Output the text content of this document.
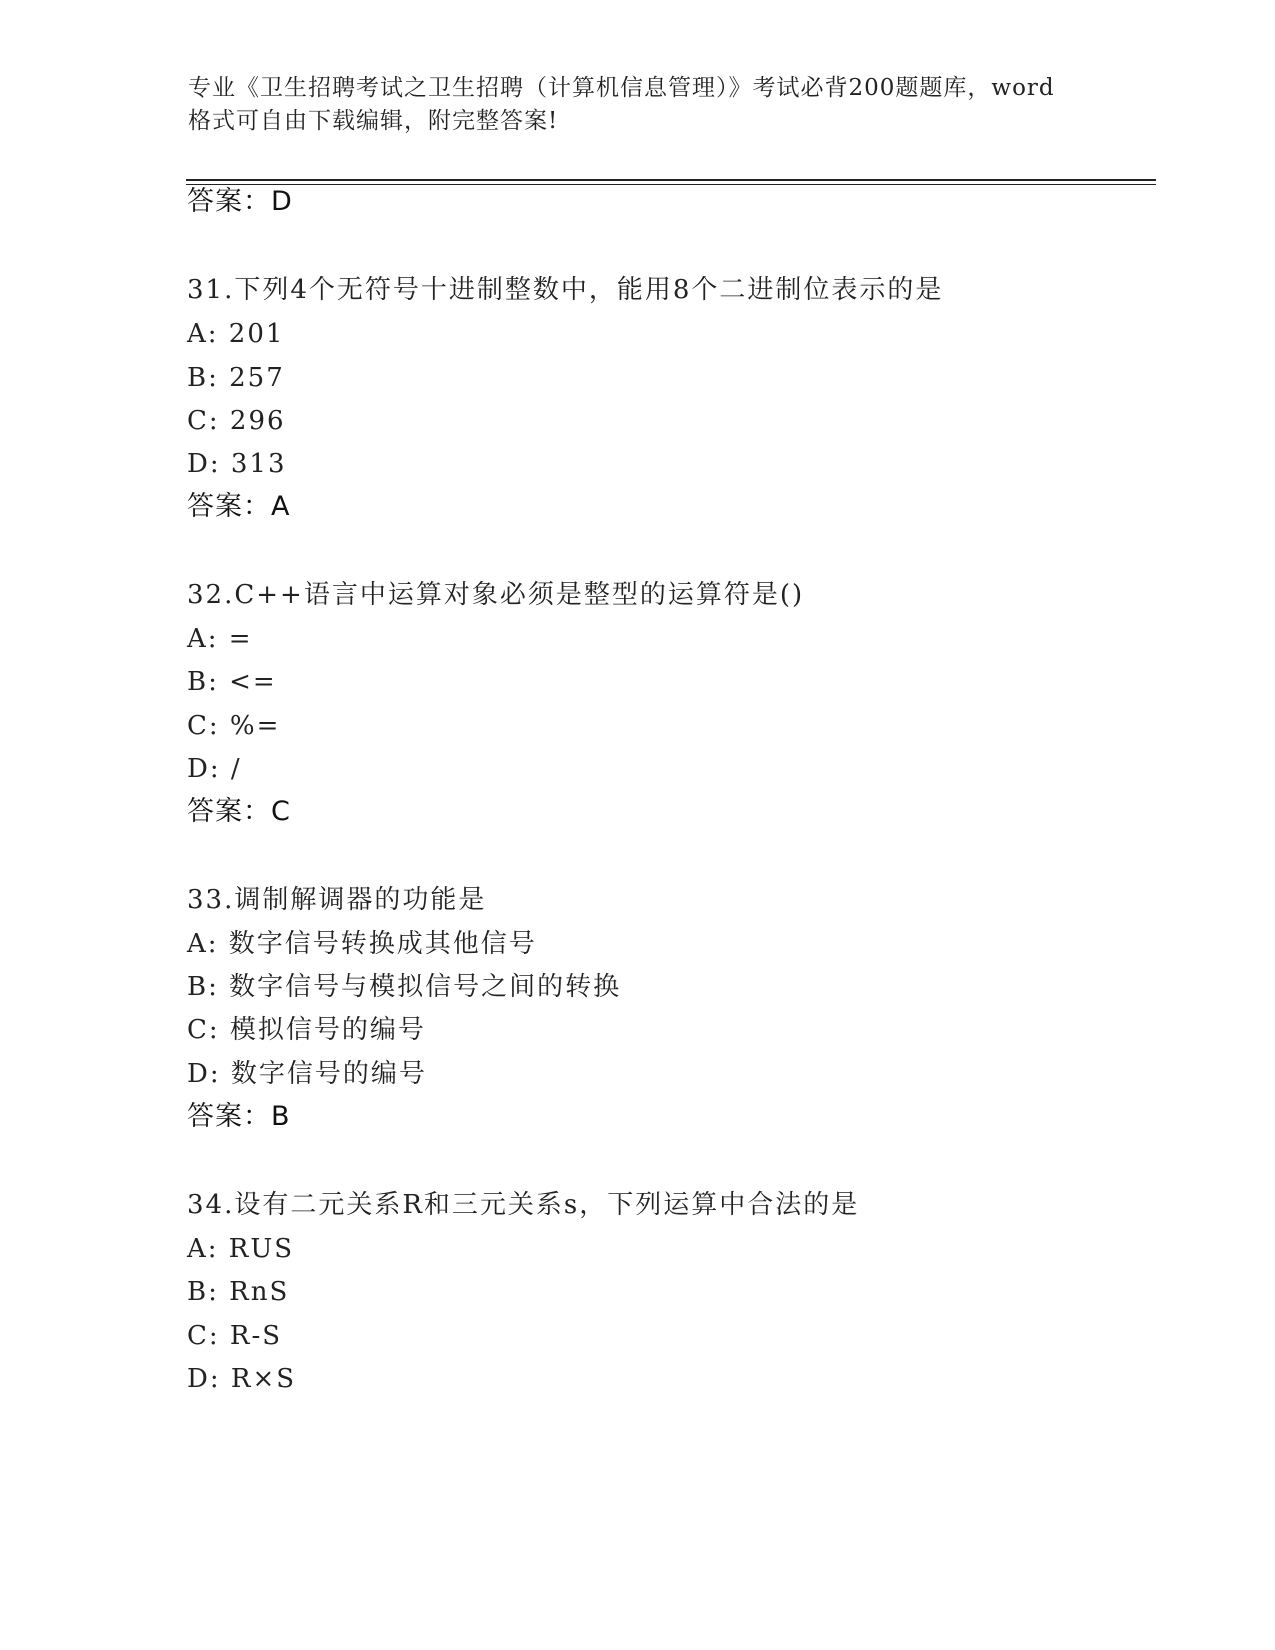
专业《卫生招聘考试之卫生招聘（计算机信息管理）》考试必背200题题库，word
格式可自由下载编辑，附完整答案!
答案：D
31.下列4个无符号十进制整数中，能用8个二进制位表示的是
A: 201
B: 257
C: 296
D: 313
答案：A
32.C++语言中运算对象必须是整型的运算符是()
A: =
B: <=
C: %=
D: /
答案：C
33.调制解调器的功能是
A: 数字信号转换成其他信号
B: 数字信号与模拟信号之间的转换
C: 模拟信号的编号
D: 数字信号的编号
答案：B
34.设有二元关系R和三元关系s，下列运算中合法的是
A: RUS
B: RnS
C: R-S
D: R×S
